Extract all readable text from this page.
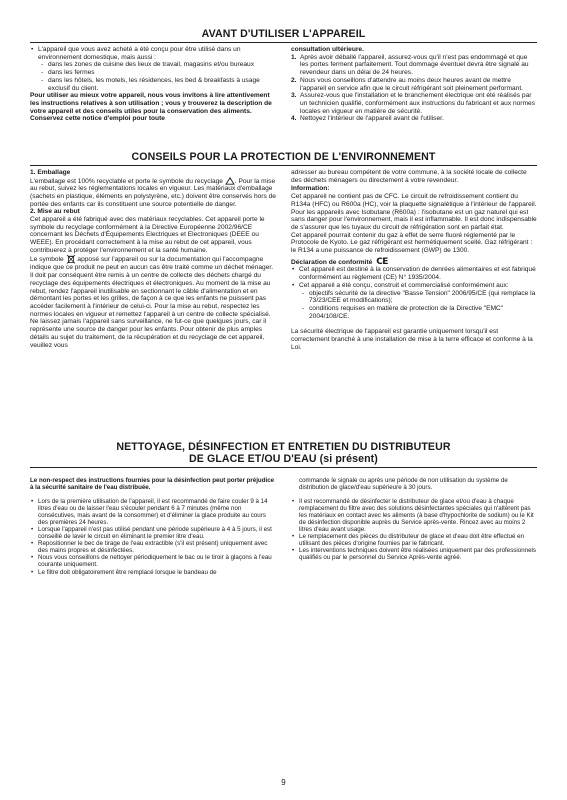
AVANT D'UTILISER L'APPAREIL
• L'appareil que vous avez acheté a été conçu pour être utilisé dans un environnement domestique, mais aussi :
- dans les zones de cuisine des lieux de travail, magasins et/ou bureaux
- dans les fermes
- dans les hôtels, les motels, les résidences, les bed & breakfasts à usage exclusif du client.

Pour utiliser au mieux votre appareil, nous vous invitons à lire attentivement les instructions relatives à son utilisation ; vous y trouverez la description de votre appareil et des conseils utiles pour la conservation des aliments. Conservez cette notice d'emploi pour toute

consultation ultérieure.

1. Après avoir déballé l'appareil, assurez-vous qu'il n'est pas endommagé et que les portes ferment parfaitement. Tout dommage éventuel devra être signalé au revendeur dans un délai de 24 heures.
2. Nous vous conseillons d'attendre au moins deux heures avant de mettre l'appareil en service afin que le circuit réfrigérant soit pleinement performant.
3. Assurez-vous que l'installation et le branchement électrique ont été réalisés par un technicien qualifié, conformément aux instructions du fabricant et aux normes locales en vigueur en matière de sécurité.
4. Nettoyez l'intérieur de l'appareil avant de l'utiliser.
CONSEILS POUR LA PROTECTION DE L'ENVIRONNEMENT

1. Emballage

L'emballage est 100% recyclable et porte le symbole du recyclage . Pour la mise au rebut, suivez les réglementations locales en vigueur. Les matériaux d'emballage (sachets en plastique, éléments en polystyrène, etc.) doivent être conservés hors de portée des enfants car ils constituent une source potentielle de danger.

2. Mise au rebut

Cet appareil a été fabriqué avec des matériaux recyclables. Cet appareil porte le symbole du recyclage conformément à la Directive Européenne 2002/96/CE concernant les Déchets d'Équipements Electriques et Electroniques (DEEE ou WEEE). En procédant correctement à la mise au rebut de cet appareil, vous contribuerez à protéger l'environnement et la santé humaine.

Le symbole apposé sur l'appareil ou sur la documentation qui l'accompagne indique que ce produit ne peut en aucun cas être traité comme un déchet ménager. Il doit par conséquent être remis à un centre de collecte des déchets chargé du recyclage des équipements électriques et électroniques. Au moment de la mise au rebut, rendez l'appareil inutilisable en sectionnant le câble d'alimentation et en démontant les portes et les grilles, de façon à ce que les enfants ne puissent pas accéder facilement à l'intérieur de celui-ci. Pour la mise au rebut, respectez les normes locales en vigueur et remettez l'appareil à un centre de collecte spécialisé. Ne laissez jamais l'appareil sans surveillance, ne fut-ce que quelques jours, car il représente une source de danger pour les enfants. Pour obtenir de plus amples détails au sujet du traitement, de la récupération et du recyclage de cet appareil, veuillez vous

adresser au bureau compétent de votre commune, à la société locale de collecte des déchets ménagers ou directement à votre revendeur.

Information:

Cet appareil ne contient pas de CFC. Le circuit de refroidissement contient du R134a (HFC) ou R600a (HC), voir la plaquette signalétique à l'intérieur de l'appareil. Pour les appareils avec Isobutane (R600a) : l'isobutane est un gaz naturel qui est sans danger pour l'environnement, mais il est inflammable. Il est donc indispensable de s'assurer que les tuyaux du circuit de réfrigération sont en parfait état.

Cet appareil pourrait contenir du gaz à effet de serre fluoré réglementé par le Protocole de Kyoto. Le gaz réfrigérant est hermétiquement scellé. Gaz réfrigérant : le R134 a une puissance de refroidissement (GWP) de 1300.

Déclaration de conformité CE

• Cet appareil est destiné à la conservation de denrées alimentaires et est fabriqué conformément au règlement (CE) N° 1935/2004.
• Cet appareil a été conçu, construit et commercialisé conformément aux:
- objectifs sécurité de la directive "Basse Tension" 2006/95/CE (qui remplace la 73/23/CEE et modifications);
- conditions requises en matière de protection de la Directive "EMC" 2004/108/CE.

La sécurité électrique de l'appareil est garantie uniquement lorsqu'il est correctement branché à une installation de mise à la terre efficace et conforme à la Loi.

NETTOYAGE, DÉSINFECTION ET ENTRETIEN DU DISTRIBUTEUR
DE GLACE ET/OU D'EAU (si présent)

Le non-respect des instructions fournies pour la désinfection peut porter préjudice à la sécurité sanitaire de l'eau distribuée.

• Lors de la première utilisation de l'appareil, il est recommandé de faire couler 9 à 14 litres d'eau ou de laisser l'eau s'écouler pendant 6 à 7 minutes (même non consécutives, mais avant de la consommer) et d'éliminer la glace produite au cours des premières 24 heures.
• Lorsque l'appareil n'est pas utilisé pendant une période supérieure à 4 à 5 jours, il est conseillé de laver le circuit en éliminant le premier litre d'eau.
• Repositionner le bec de tirage de l'eau extractible (s'il est présent) uniquement avec des mains propres et désinfectées.
• Nous vous conseillons de nettoyer périodiquement le bac ou le tiroir à glaçons à l'eau courante uniquement.
• Le filtre doit obligatoirement être remplacé lorsque le bandeau de

commande le signale ou après une période de non utilisation du système de distribution de glace/d'eau supérieure à 30 jours.

• Il est recommandé de désinfecter le distributeur de glace et/ou d'eau à chaque remplacement du filtre avec des solutions désinfectantes spéciales qui n'altèrent pas les matériaux en contact avec les aliments (à base d'hypochlorite de sodium) ou le Kit de désinfection disponible auprès du Service après-vente. Rincez avec au moins 2 litres d'eau avant usage.
• Le remplacement des pièces du distributeur de glace et d'eau doit être effectué en utilisant des pièces d'origine fournies par le fabricant.
• Les interventions techniques doivent être réalisées uniquement par des professionnels qualifiés ou par le personnel du Service Après-vente agréé.
9
